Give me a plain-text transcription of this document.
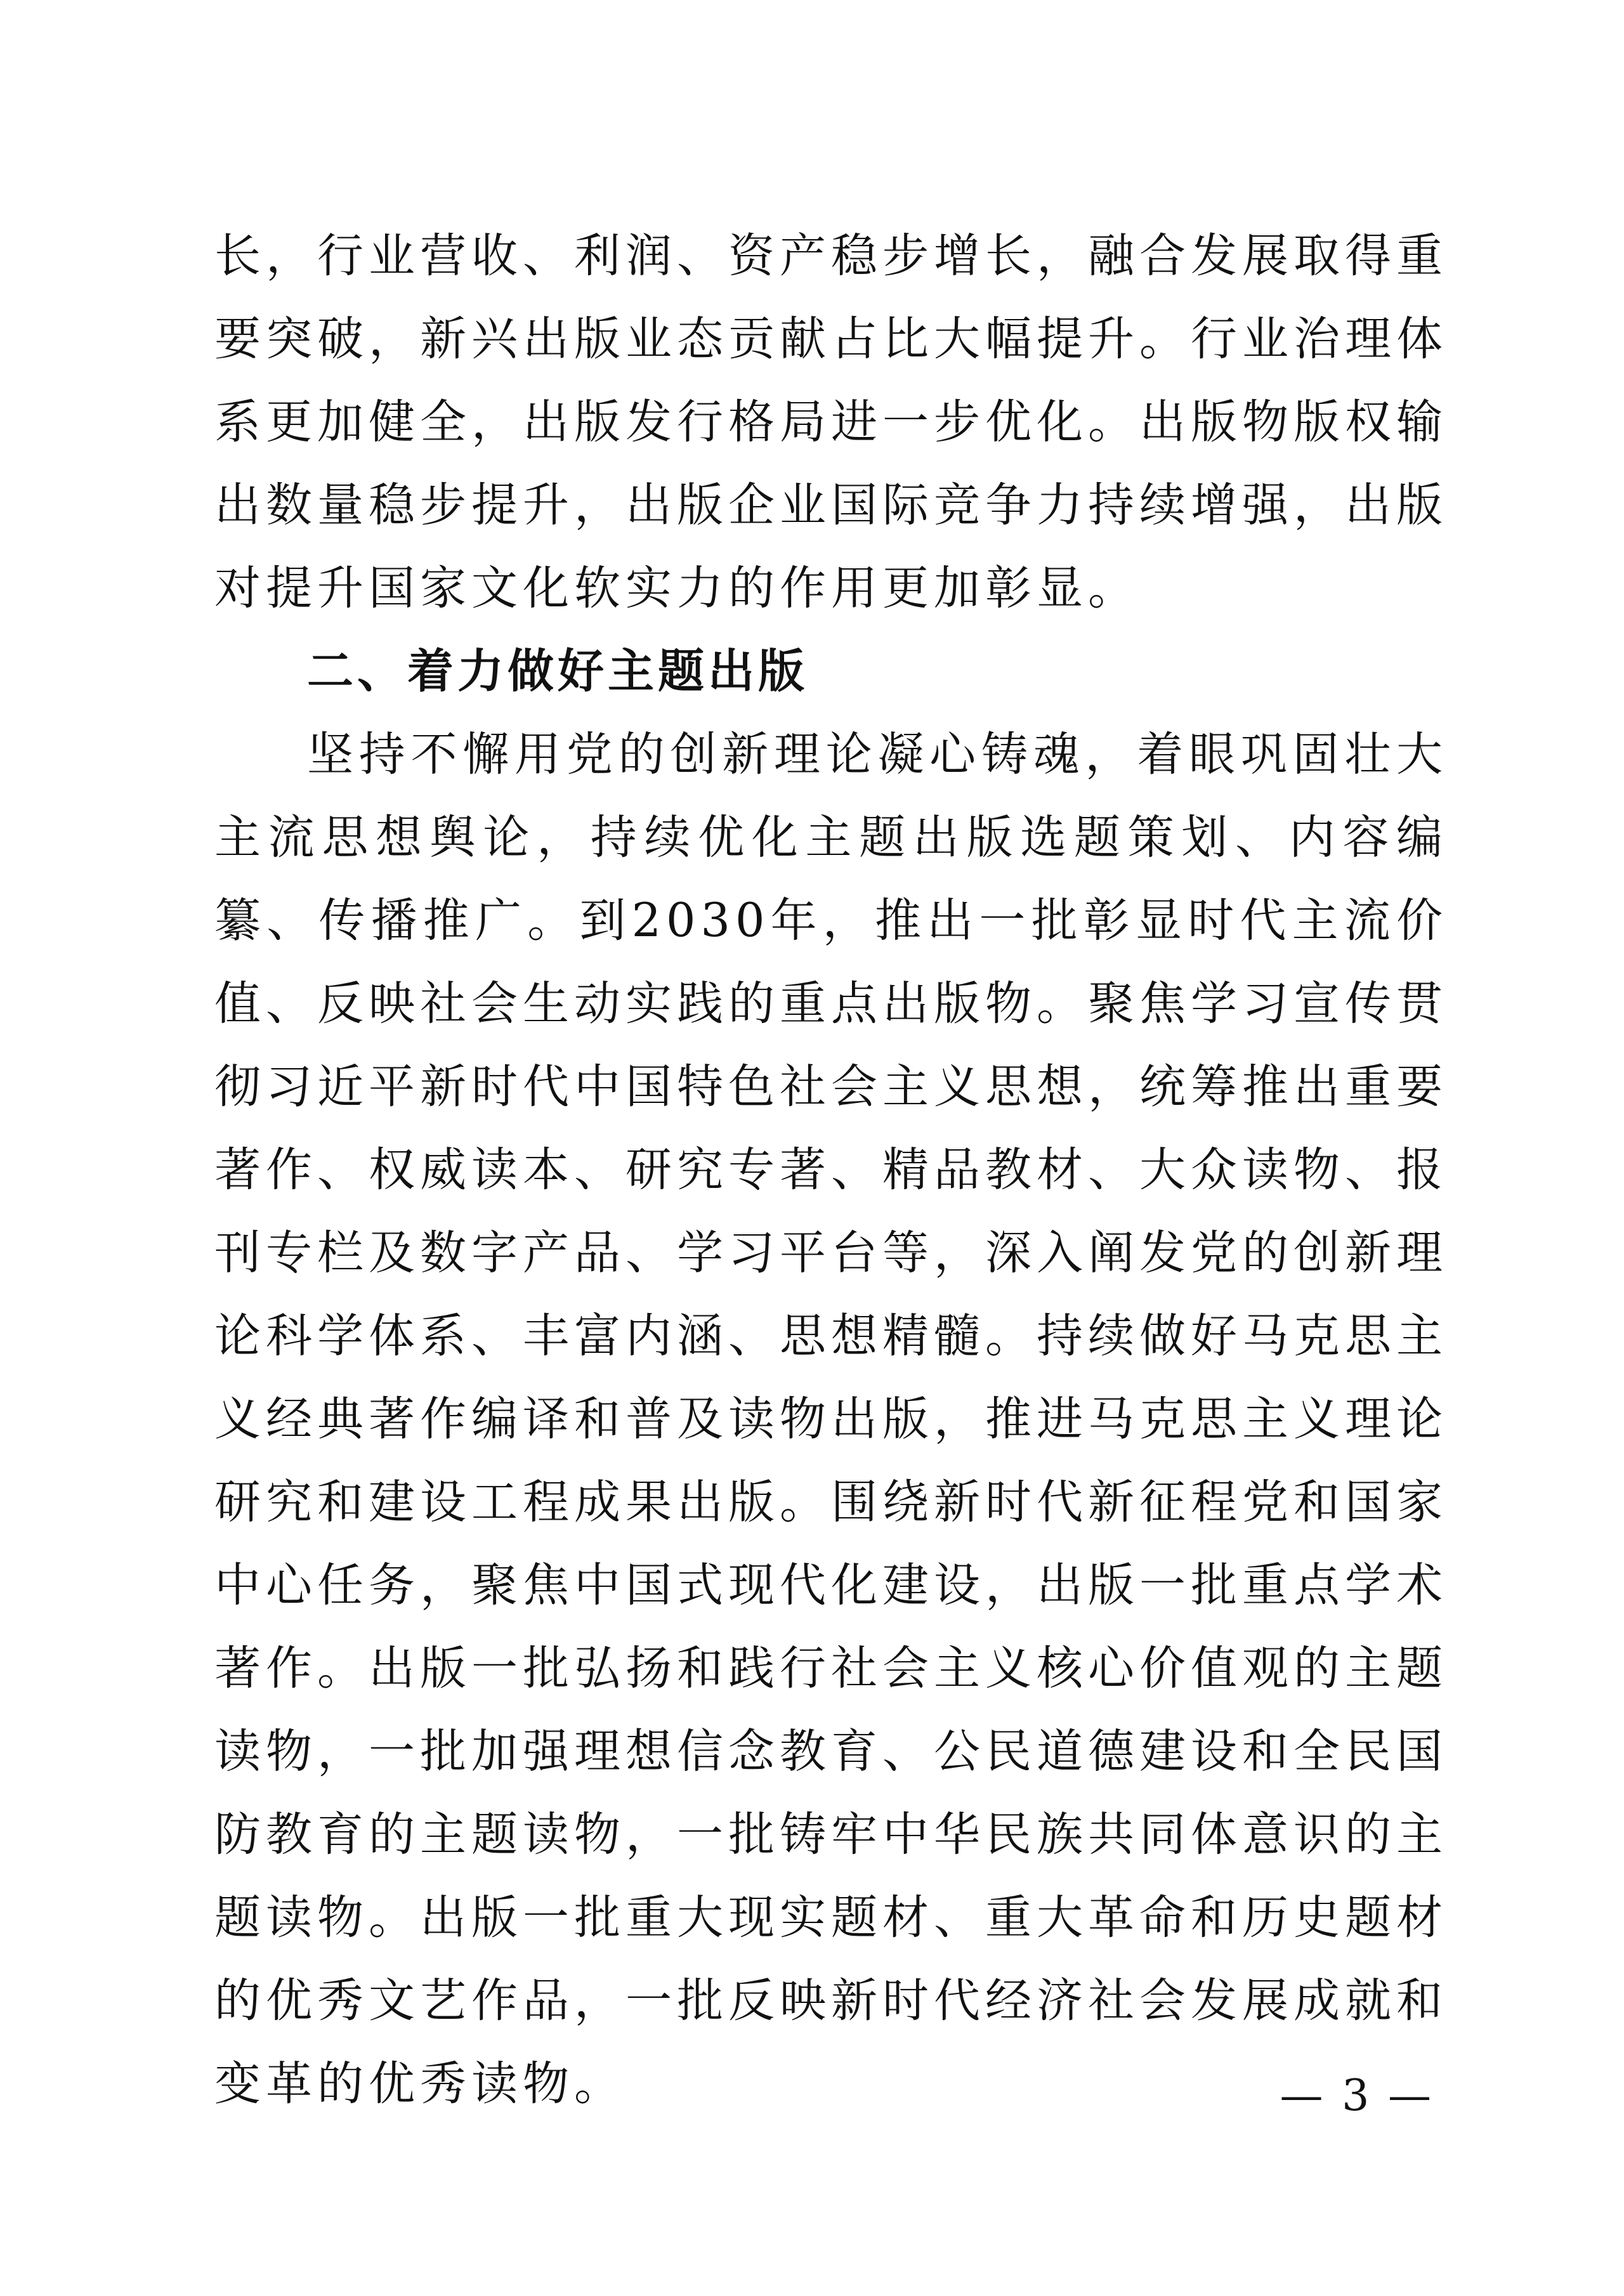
长，行业营收、利润、资产稳步增长，融合发展取得重要突破，新兴出版业态贡献占比大幅提升。行业治理体系更加健全，出版发行格局进一步优化。出版物版权输出数量稳步提升，出版企业国际竞争力持续增强，出版对提升国家文化软实力的作用更加彰显。

二、着力做好主题出版

坚持不懈用党的创新理论凝心铸魂，着眼巩固壮大主流思想舆论，持续优化主题出版选题策划、内容编纂、传播推广。到2030年，推出一批彰显时代主流价值、反映社会生动实践的重点出版物。聚焦学习宣传贯彻习近平新时代中国特色社会主义思想，统筹推出重要著作、权威读本、研究专著、精品教材、大众读物、报刊专栏及数字产品、学习平台等，深入阐发党的创新理论科学体系、丰富内涵、思想精髓。持续做好马克思主义经典著作编译和普及读物出版，推进马克思主义理论研究和建设工程成果出版。围绕新时代新征程党和国家中心任务，聚焦中国式现代化建设，出版一批重点学术著作。出版一批弘扬和践行社会主义核心价值观的主题读物，一批加强理想信念教育、公民道德建设和全民国防教育的主题读物，一批铸牢中华民族共同体意识的主题读物。出版一批重大现实题材、重大革命和历史题材的优秀文艺作品，一批反映新时代经济社会发展成就和变革的优秀读物。	— 3 —
